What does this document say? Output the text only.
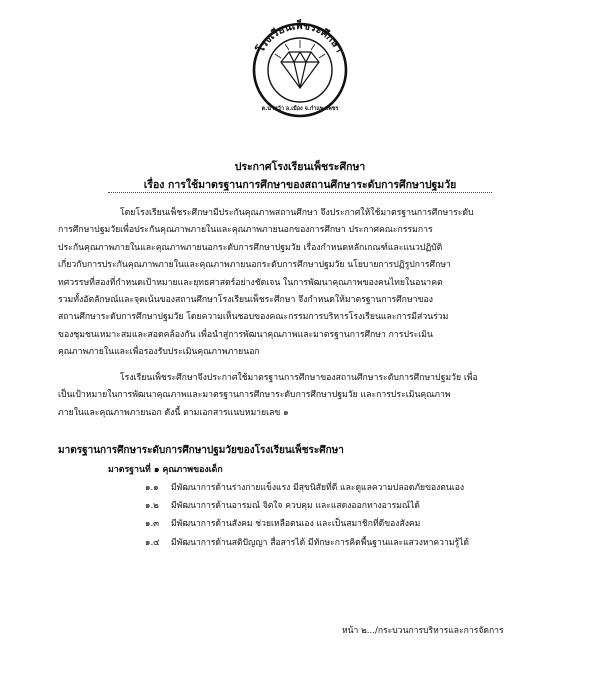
โรงเรียนเพ็ชระศึกษา
ต.นาหว้า อ.เมือง จ.กำแพงเพชร
ประกาศโรงเรียนเพ็ชระศึกษา
เรื่อง การใช้มาตรฐานการศึกษาของสถานศึกษาระดับการศึกษาปฐมวัย
โดยโรงเรียนเพ็ชระศึกษามีประกันคุณภาพสถานศึกษา จึงประกาศให้ใช้มาตรฐานการศึกษาระดับ
การศึกษาปฐมวัยเพื่อประกันคุณภาพภายในและคุณภาพภายนอกของการศึกษา ประกาศคณะกรรมการ
ประกันคุณภาพภายในและคุณภาพภายนอกระดับการศึกษาปฐมวัย เรื่องกำหนดหลักเกณฑ์และแนวปฏิบัติ
เกี่ยวกับการประกันคุณภาพภายในและคุณภาพภายนอกระดับการศึกษาปฐมวัย นโยบายการปฏิรูปการศึกษา
ทศวรรษที่สองที่กำหนดเป้าหมายและยุทธศาสตร์อย่างชัดเจน ในการพัฒนาคุณภาพของคนไทยในอนาคต
รวมทั้งอัตลักษณ์และจุดเน้นของสถานศึกษาโรงเรียนเพ็ชระศึกษา จึงกำหนดให้มาตรฐานการศึกษาของ
สถานศึกษาระดับการศึกษาปฐมวัย โดยความเห็นชอบของคณะกรรมการบริหารโรงเรียนและการมีส่วนร่วม
ของชุมชนเหมาะสมและสอดคล้องกัน เพื่อนำสู่การพัฒนาคุณภาพและมาตรฐานการศึกษา การประเมิน
คุณภาพภายในและเพื่อรองรับประเมินคุณภาพภายนอก
โรงเรียนเพ็ชระศึกษาจึงประกาศใช้มาตรฐานการศึกษาของสถานศึกษาระดับการศึกษาปฐมวัย เพื่อ
เป็นเป้าหมายในการพัฒนาคุณภาพและมาตรฐานการศึกษาระดับการศึกษาปฐมวัย และการประเมินคุณภาพ
ภายในและคุณภาพภายนอก ดังนี้ ตามเอกสารแนบหมายเลข ๑
มาตรฐานการศึกษาระดับการศึกษาปฐมวัยของโรงเรียนเพ็ชระศึกษา
มาตรฐานที่ ๑ คุณภาพของเด็ก
๑.๑ มีพัฒนาการด้านร่างกายแข็งแรง มีสุขนิสัยที่ดี และดูแลความปลอดภัยของตนเอง
๑.๒ มีพัฒนาการด้านอารมณ์ จิตใจ ควบคุม และแสดงออกทางอารมณ์ได้
๑.๓ มีพัฒนาการด้านสังคม ช่วยเหลือตนเอง และเป็นสมาชิกที่ดีของสังคม
๑.๔ มีพัฒนาการด้านสติปัญญา สื่อสารได้ มีทักษะการคิดพื้นฐานและแสวงหาความรู้ได้
หน้า ๒.../กระบวนการบริหารและการจัดการ
